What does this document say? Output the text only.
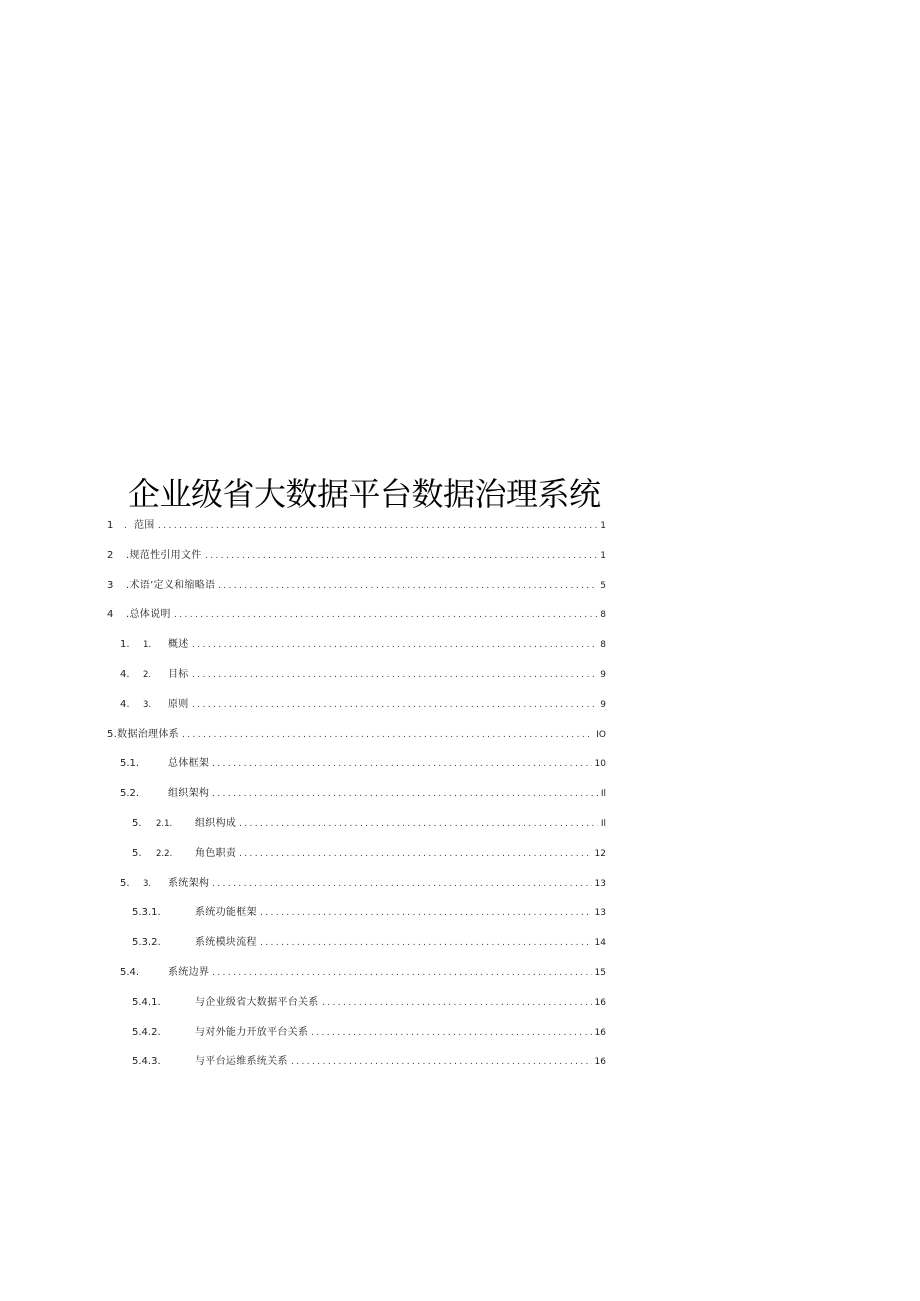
企业级省大数据平台数据治理系统
1 . 范围 .....	1
2 .规范性引用文件 .....	1
3 .术语’定义和缩略语 .....	5
4 .总体说明 .....	8
1. 1. 概述 .....	8
4. 2. 目标 .....	9
4. 3. 原则 .....	9
5.数据治理体系 .....	IO
5.1.	总体框架 .....	10
5.2.	组织架构 .....	Il
5. 2.1. 组织构成 .....	Il
5. 2.2. 角色职责 .....	12
5. 3. 系统架构 .....	13
5.3.1.	系统功能框架 .....	13
5.3.2.	系统模块流程 .....	14
5.4.	系统边界 .....	15
5.4.1.	与企业级省大数据平台关系 .....	16
5.4.2.	与对外能力开放平台关系 .....	16
5.4.3.	与平台运维系统关系 .....	16
